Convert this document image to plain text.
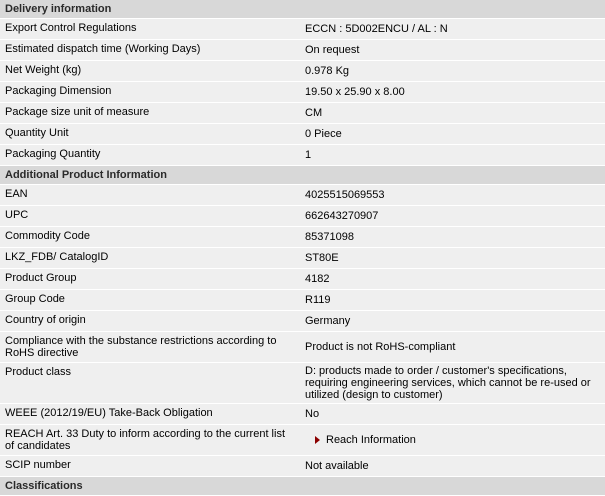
Delivery information	
Export Control Regulations	ECCN : 5D002ENCU / AL : N
Estimated dispatch time (Working Days)	On request
Net Weight (kg)	0.978 Kg
Packaging Dimension	19.50 x 25.90 x 8.00
Package size unit of measure	CM
Quantity Unit	0 Piece
Packaging Quantity	1
Additional Product Information	
EAN	4025515069553
UPC	662643270907
Commodity Code	85371098
LKZ_FDB/ CatalogID	ST80E
Product Group	4182
Group Code	R119
Country of origin	Germany
Compliance with the substance restrictions according to RoHS directive	Product is not RoHS-compliant
Product class	D: products made to order / customer's specifications, requiring engineering services, which cannot be re-used or utilized (design to customer)
WEEE (2012/19/EU) Take-Back Obligation	No
REACH Art. 33 Duty to inform according to the current list of candidates	Reach Information

SCIP number	Not available
Classifications	
